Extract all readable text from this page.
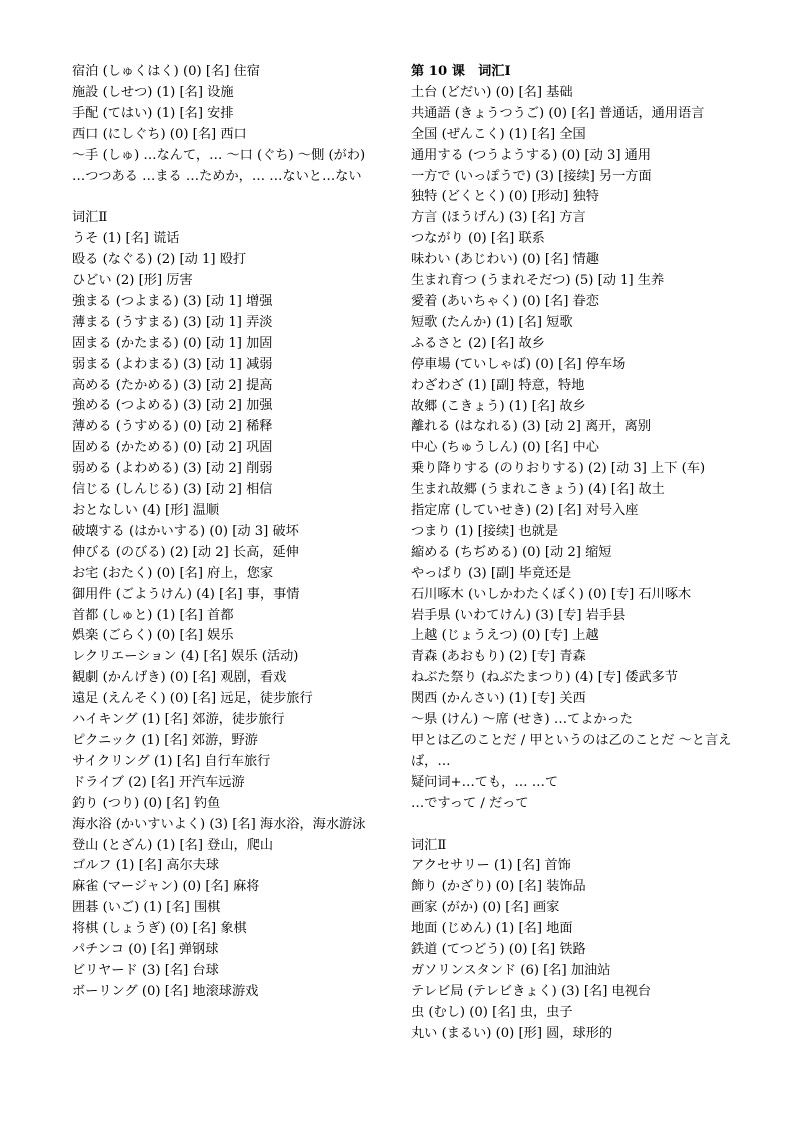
宿泊 (しゅくはく) (0) [名] 住宿
施設 (しせつ) (1) [名] 设施
手配 (てはい) (1) [名] 安排
西口 (にしぐち) (0) [名] 西口
～手 (しゅ) …なんて，… ～口 (ぐち) ～側 (がわ)
…つつある …まる …ためか，… …ないと…ない
词汇Ⅱ
うそ (1) [名] 谎话
殴る (なぐる) (2) [动 1] 殴打
ひどい (2) [形] 厉害
強まる (つよまる) (3) [动 1] 增强
薄まる (うすまる) (3) [动 1] 弄淡
固まる (かたまる) (0) [动 1] 加固
弱まる (よわまる) (3) [动 1] 减弱
高める (たかめる) (3) [动 2] 提高
強める (つよめる) (3) [动 2] 加强
薄める (うすめる) (0) [动 2] 稀释
固める (かためる) (0) [动 2] 巩固
弱める (よわめる) (3) [动 2] 削弱
信じる (しんじる) (3) [动 2] 相信
おとなしい (4) [形] 温顺
破壊する (はかいする) (0) [动 3] 破坏
伸びる (のびる) (2) [动 2] 长高，延伸
お宅 (おたく) (0) [名] 府上，您家
御用件 (ごようけん) (4) [名] 事，事情
首都 (しゅと) (1) [名] 首都
娯楽 (ごらく) (0) [名] 娱乐
レクリエーション (4) [名] 娱乐 (活动)
観劇 (かんげき) (0) [名] 观剧，看戏
遠足 (えんそく) (0) [名] 远足，徒步旅行
ハイキング (1) [名] 郊游，徒步旅行
ピクニック (1) [名] 郊游，野游
サイクリング (1) [名] 自行车旅行
ドライブ (2) [名] 开汽车远游
釣り (つり) (0) [名] 钓鱼
海水浴 (かいすいよく) (3) [名] 海水浴，海水游泳
登山 (とざん) (1) [名] 登山，爬山
ゴルフ (1) [名] 高尔夫球
麻雀 (マージャン) (0) [名] 麻将
囲碁 (いご) (1) [名] 围棋
将棋 (しょうぎ) (0) [名] 象棋
パチンコ (0) [名] 弹钢球
ビリヤード (3) [名] 台球
ボーリング (0) [名] 地滚球游戏
第 10 课　词汇Ⅰ
土台 (どだい) (0) [名] 基础
共通語 (きょうつうご) (0) [名] 普通话，通用语言
全国 (ぜんこく) (1) [名] 全国
通用する (つうようする) (0) [动 3] 通用
一方で (いっぽうで) (3) [接续] 另一方面
独特 (どくとく) (0) [形动] 独特
方言 (ほうげん) (3) [名] 方言
つながり (0) [名] 联系
味わい (あじわい) (0) [名] 情趣
生まれ育つ (うまれそだつ) (5) [动 1] 生养
愛着 (あいちゃく) (0) [名] 眷恋
短歌 (たんか) (1) [名] 短歌
ふるさと (2) [名] 故乡
停車場 (ていしゃば) (0) [名] 停车场
わざわざ (1) [副] 特意，特地
故郷 (こきょう) (1) [名] 故乡
離れる (はなれる) (3) [动 2] 离开，离别
中心 (ちゅうしん) (0) [名] 中心
乗り降りする (のりおりする) (2) [动 3] 上下 (车)
生まれ故郷 (うまれこきょう) (4) [名] 故土
指定席 (していせき) (2) [名] 对号入座
つまり (1) [接续] 也就是
縮める (ちぢめる) (0) [动 2] 缩短
やっぱり (3) [副] 毕竟还是
石川啄木 (いしかわたくぼく) (0) [专] 石川啄木
岩手県 (いわてけん) (3) [专] 岩手县
上越 (じょうえつ) (0) [专] 上越
青森 (あおもり) (2) [专] 青森
ねぶた祭り (ねぶたまつり) (4) [专] 倭武多节
関西 (かんさい) (1) [专] 关西
～県 (けん) ～席 (せき) …てよかった
甲とは乙のことだ / 甲というのは乙のことだ ～と言えば，…
疑问词+…ても，… …て
…ですって / だって
词汇Ⅱ
アクセサリー (1) [名] 首饰
飾り (かざり) (0) [名] 装饰品
画家 (がか) (0) [名] 画家
地面 (じめん) (1) [名] 地面
鉄道 (てつどう) (0) [名] 铁路
ガソリンスタンド (6) [名] 加油站
テレビ局 (テレビきょく) (3) [名] 电视台
虫 (むし) (0) [名] 虫，虫子
丸い (まるい) (0) [形] 圆，球形的
